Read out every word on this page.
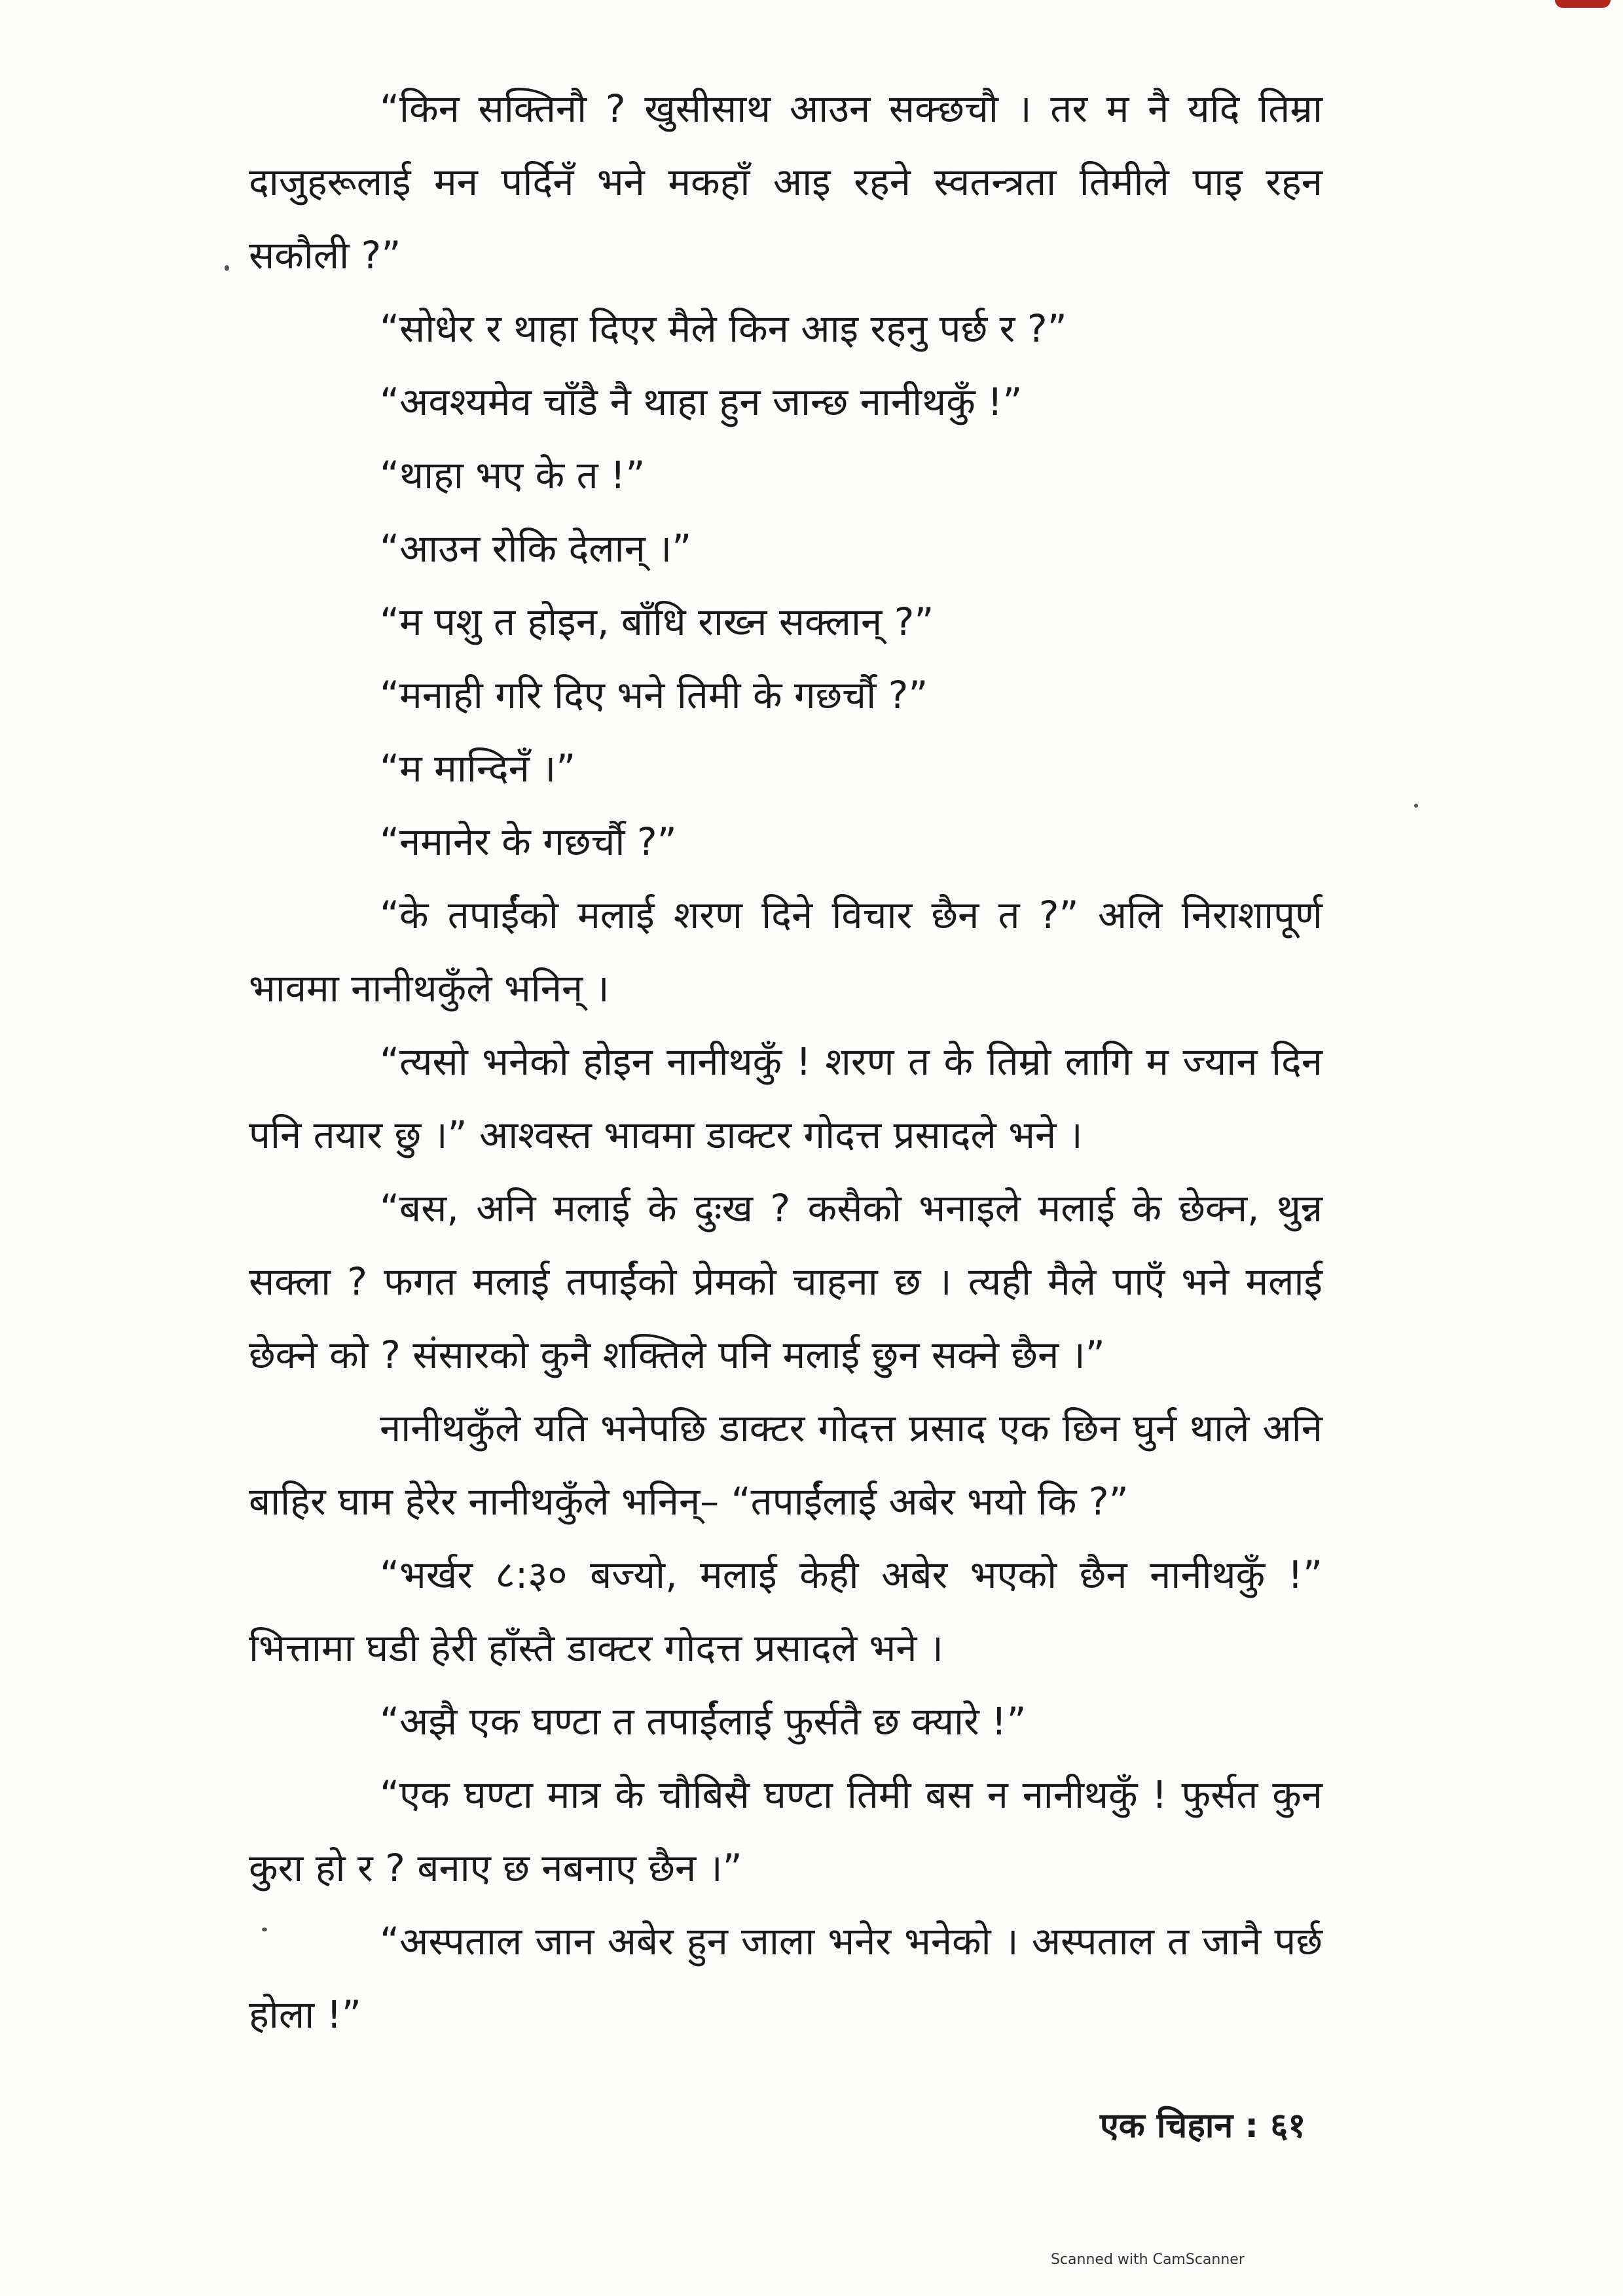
“किन सक्तिनौ ? खुसीसाथ आउन सक्छचौ । तर म नै यदि तिम्रा दाजुहरूलाई मन पर्दिनँ भने मकहाँ आइ रहने स्वतन्त्रता तिमीले पाइ रहन सकौली ?”

“सोधेर र थाहा दिएर मैले किन आइ रहनु पर्छ र ?”

“अवश्यमेव चाँडै नै थाहा हुन जान्छ नानीथकुँ !”

“थाहा भए के त !”

“आउन रोकि देलान् ।”

“म पशु त होइन, बाँधि राख्न सक्लान् ?”

“मनाही गरि दिए भने तिमी के गछर्चौ ?”

“म मान्दिनँ ।”

“नमानेर के गछर्चौ ?”

“के तपाईंको मलाई शरण दिने विचार छैन त ?” अलि निराशापूर्ण भावमा नानीथकुँले भनिन् ।

“त्यसो भनेको होइन नानीथकुँ ! शरण त के तिम्रो लागि म ज्यान दिन पनि तयार छु ।” आश्वस्त भावमा डाक्टर गोदत्त प्रसादले भने ।

“बस, अनि मलाई के दुःख ? कसैको भनाइले मलाई के छेक्न, थुन्न सक्ला ? फगत मलाई तपाईंको प्रेमको चाहना छ । त्यही मैले पाएँ भने मलाई छेक्ने को ? संसारको कुनै शक्तिले पनि मलाई छुन सक्ने छैन ।”

नानीथकुँले यति भनेपछि डाक्टर गोदत्त प्रसाद एक छिन घुर्न थाले अनि बाहिर घाम हेरेर नानीथकुँले भनिन्– “तपाईंलाई अबेर भयो कि ?”

“भर्खर ८:३० बज्यो, मलाई केही अबेर भएको छैन नानीथकुँ !” भित्तामा घडी हेरी हाँस्तै डाक्टर गोदत्त प्रसादले भने ।

“अझै एक घण्टा त तपाईंलाई फुर्सतै छ क्यारे !”

“एक घण्टा मात्र के चौबिसै घण्टा तिमी बस न नानीथकुँ ! फुर्सत कुन कुरा हो र ? बनाए छ नबनाए छैन ।”

“अस्पताल जान अबेर हुन जाला भनेर भनेको । अस्पताल त जानै पर्छ होला !”

एक चिहान : ६१
Scanned with CamScanner
